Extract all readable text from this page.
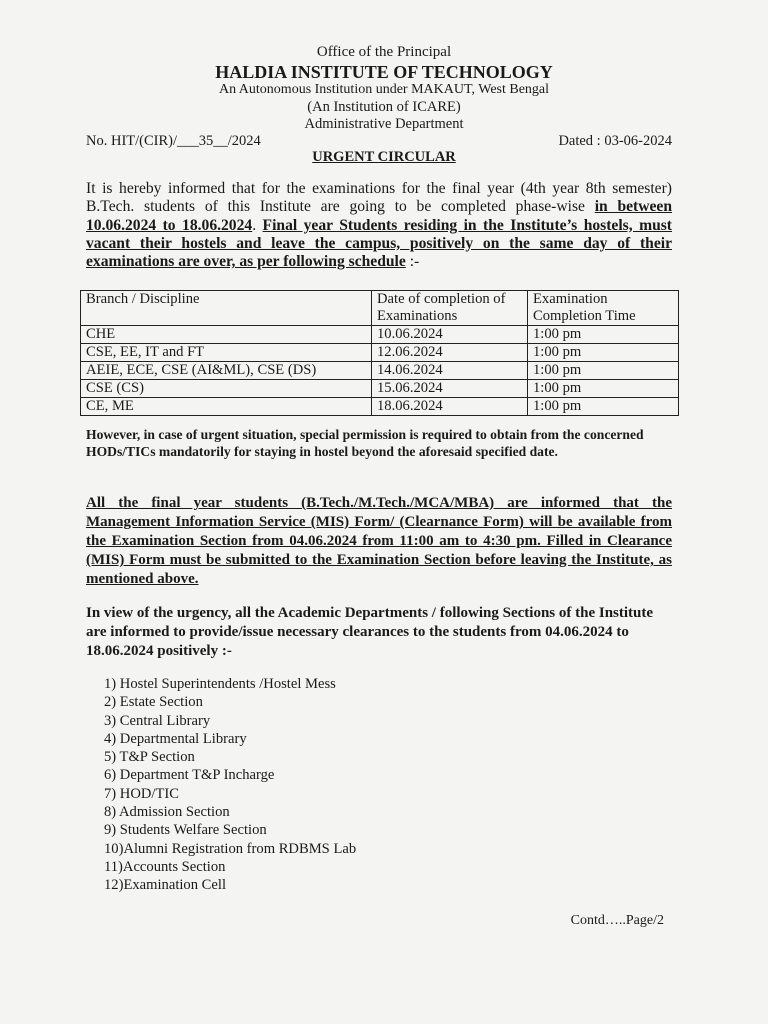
Office of the Principal
HALDIA INSTITUTE OF TECHNOLOGY
An Autonomous Institution under MAKAUT, West Bengal
(An Institution of ICARE)
Administrative Department
No. HIT/(CIR)/___35__/2024	Dated : 03-06-2024
URGENT CIRCULAR
It is hereby informed that for the examinations for the final year (4th year 8th semester) B.Tech. students of this Institute are going to be completed phase-wise in between 10.06.2024 to 18.06.2024. Final year Students residing in the Institute’s hostels, must vacant their hostels and leave the campus, positively on the same day of their examinations are over, as per following schedule :-
Branch / Discipline	Date of completion of Examinations	Examination Completion Time
CHE	10.06.2024	1:00 pm
CSE, EE, IT and FT	12.06.2024	1:00 pm
AEIE, ECE, CSE (AI&ML), CSE (DS)	14.06.2024	1:00 pm
CSE (CS)	15.06.2024	1:00 pm
CE, ME	18.06.2024	1:00 pm
However, in case of urgent situation, special permission is required to obtain from the concerned HODs/TICs mandatorily for staying in hostel beyond the aforesaid specified date.
All the final year students (B.Tech./M.Tech./MCA/MBA) are informed that the Management Information Service (MIS) Form/ (Clearnance Form) will be available from the Examination Section from 04.06.2024 from 11:00 am to 4:30 pm. Filled in Clearance (MIS) Form must be submitted to the Examination Section before leaving the Institute, as mentioned above.
In view of the urgency, all the Academic Departments / following Sections of the Institute are informed to provide/issue necessary clearances to the students from 04.06.2024 to 18.06.2024 positively :-
1) Hostel Superintendents /Hostel Mess
2) Estate Section
3) Central Library
4) Departmental Library
5) T&P Section
6) Department T&P Incharge
7) HOD/TIC
8) Admission Section
9) Students Welfare Section
10)Alumni Registration from RDBMS Lab
11)Accounts Section
12)Examination Cell
Contd…..Page/2
